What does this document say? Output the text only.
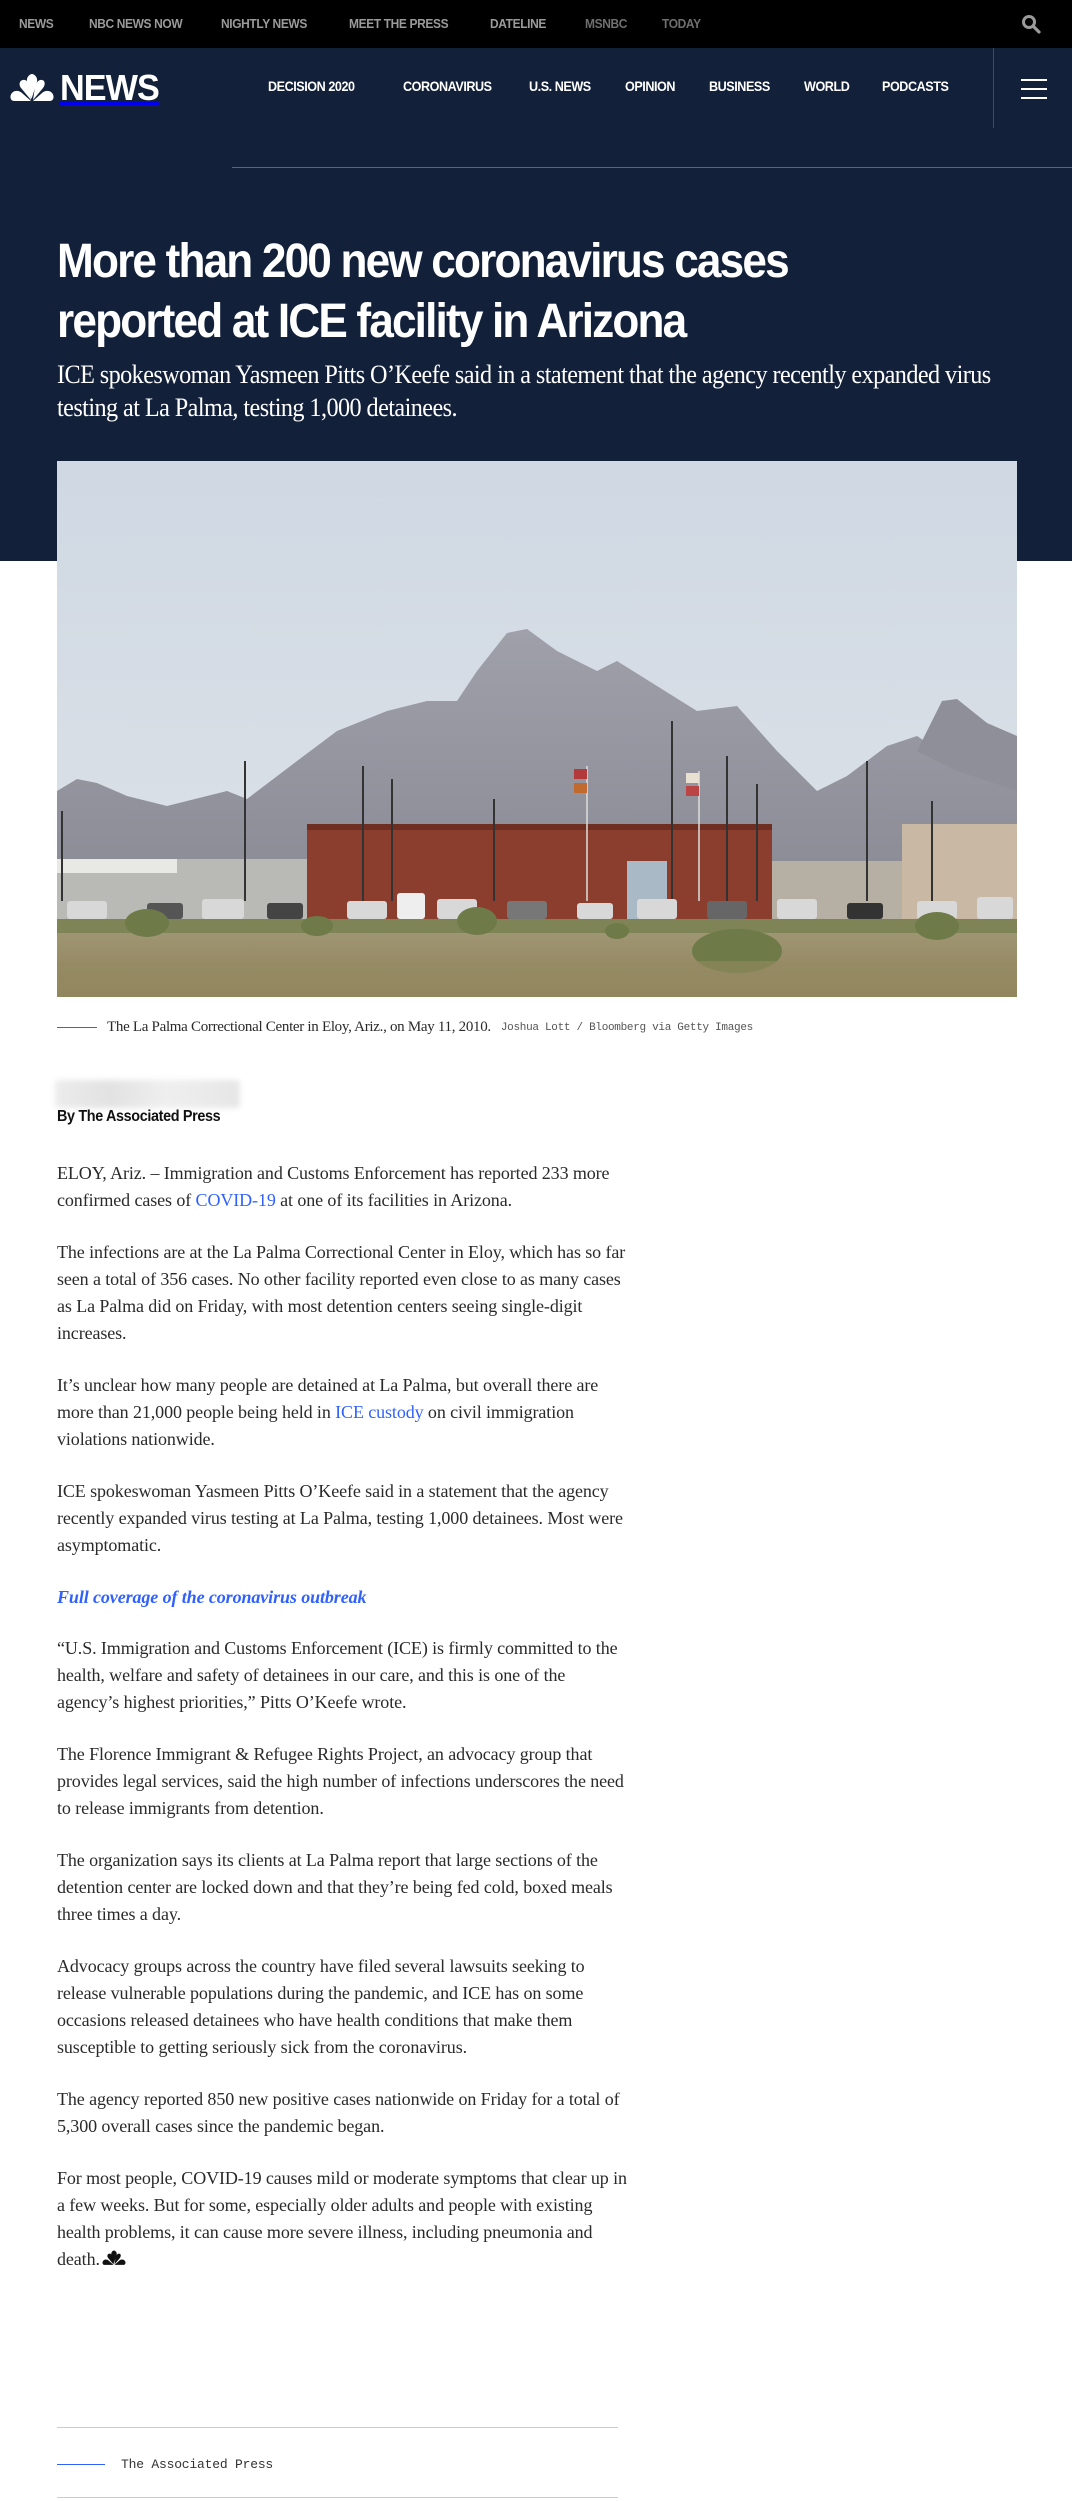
NEWS	NBC NEWS NOW	NIGHTLY NEWS	MEET THE PRESS	DATELINE	MSNBC	TODAY
NEWS	DECISION 2020	CORONAVIRUS	U.S. NEWS OPINION BUSINESS WORLD PODCASTS
More than 200 new coronavirus cases reported at ICE facility in Arizona

ICE spokeswoman Yasmeen Pitts O’Keefe said in a statement that the agency recently expanded virus testing at La Palma, testing 1,000 detainees.

The La Palma Correctional Center in Eloy, Ariz., on May 11, 2010. Joshua Lott / Bloomberg via Getty Images
By The Associated Press

ELOY, Ariz. – Immigration and Customs Enforcement has reported 233 more confirmed cases of COVID-19 at one of its facilities in Arizona.

The infections are at the La Palma Correctional Center in Eloy, which has so far seen a total of 356 cases. No other facility reported even close to as many cases as La Palma did on Friday, with most detention centers seeing single-digit increases.

It’s unclear how many people are detained at La Palma, but overall there are more than 21,000 people being held in ICE custody on civil immigration violations nationwide.

ICE spokeswoman Yasmeen Pitts O’Keefe said in a statement that the agency recently expanded virus testing at La Palma, testing 1,000 detainees. Most were asymptomatic.

Full coverage of the coronavirus outbreak

“U.S. Immigration and Customs Enforcement (ICE) is firmly committed to the health, welfare and safety of detainees in our care, and this is one of the agency’s highest priorities,” Pitts O’Keefe wrote.

The Florence Immigrant & Refugee Rights Project, an advocacy group that provides legal services, said the high number of infections underscores the need to release immigrants from detention.

The organization says its clients at La Palma report that large sections of the detention center are locked down and that they’re being fed cold, boxed meals three times a day.

Advocacy groups across the country have filed several lawsuits seeking to release vulnerable populations during the pandemic, and ICE has on some occasions released detainees who have health conditions that make them susceptible to getting seriously sick from the coronavirus.

The agency reported 850 new positive cases nationwide on Friday for a total of 5,300 overall cases since the pandemic began.

For most people, COVID-19 causes mild or moderate symptoms that clear up in a few weeks. But for some, especially older adults and people with existing health problems, it can cause more severe illness, including pneumonia and death.

The Associated Press
